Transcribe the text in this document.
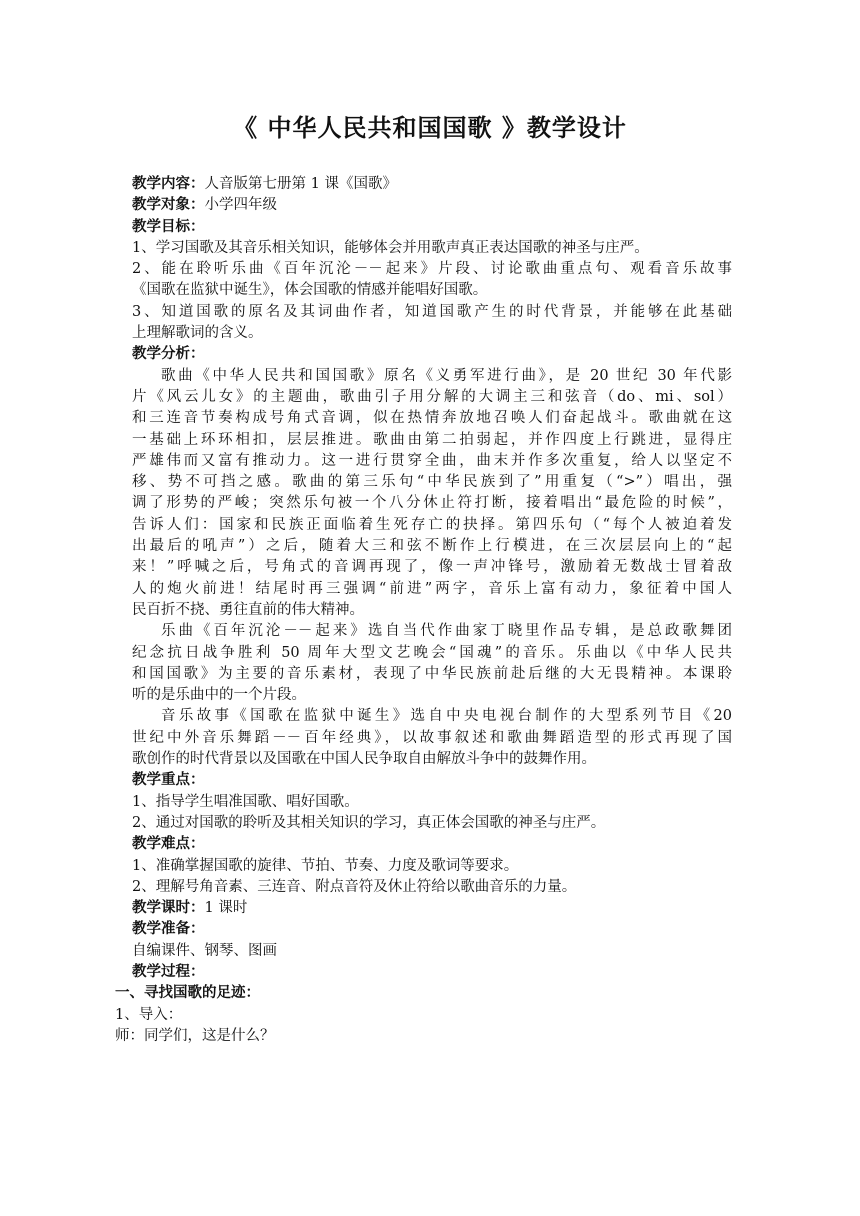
《 中华人民共和国国歌 》教学设计
教学内容：人音版第七册第 1 课《国歌》
教学对象：小学四年级
教学目标：
1、学习国歌及其音乐相关知识，能够体会并用歌声真正表达国歌的神圣与庄严。
2、能在聆听乐曲《百年沉沦－－起来》片段、讨论歌曲重点句、观看音乐故事
《国歌在监狱中诞生》，体会国歌的情感并能唱好国歌。
3、知道国歌的原名及其词曲作者，知道国歌产生的时代背景，并能够在此基础
上理解歌词的含义。
教学分析：
歌曲《中华人民共和国国歌》原名《义勇军进行曲》，是 20 世纪 30 年代影
片《风云儿女》的主题曲，歌曲引子用分解的大调主三和弦音（do、mi、sol）
和三连音节奏构成号角式音调，似在热情奔放地召唤人们奋起战斗。歌曲就在这
一基础上环环相扣，层层推进。歌曲由第二拍弱起，并作四度上行跳进，显得庄
严雄伟而又富有推动力。这一进行贯穿全曲，曲末并作多次重复，给人以坚定不
移、势不可挡之感。歌曲的第三乐句“中华民族到了”用重复（“>”）唱出，强
调了形势的严峻；突然乐句被一个八分休止符打断，接着唱出“最危险的时候”，
告诉人们：国家和民族正面临着生死存亡的抉择。第四乐句（“每个人被迫着发
出最后的吼声”）之后，随着大三和弦不断作上行模进，在三次层层向上的“起
来！”呼喊之后，号角式的音调再现了，像一声冲锋号，激励着无数战士冒着敌
人的炮火前进！结尾时再三强调“前进”两字，音乐上富有动力，象征着中国人
民百折不挠、勇往直前的伟大精神。
乐曲《百年沉沦－－起来》选自当代作曲家丁晓里作品专辑，是总政歌舞团
纪念抗日战争胜利 50 周年大型文艺晚会“国魂”的音乐。乐曲以《中华人民共
和国国歌》为主要的音乐素材，表现了中华民族前赴后继的大无畏精神。本课聆
听的是乐曲中的一个片段。
音乐故事《国歌在监狱中诞生》选自中央电视台制作的大型系列节目《20
世纪中外音乐舞蹈－－百年经典》，以故事叙述和歌曲舞蹈造型的形式再现了国
歌创作的时代背景以及国歌在中国人民争取自由解放斗争中的鼓舞作用。
教学重点：
1、指导学生唱准国歌、唱好国歌。
2、通过对国歌的聆听及其相关知识的学习，真正体会国歌的神圣与庄严。
教学难点：
1、准确掌握国歌的旋律、节拍、节奏、力度及歌词等要求。
2、理解号角音素、三连音、附点音符及休止符给以歌曲音乐的力量。
教学课时：1 课时
教学准备：
自编课件、钢琴、图画
教学过程：
一、寻找国歌的足迹：
1、导入：
师：同学们，这是什么？
